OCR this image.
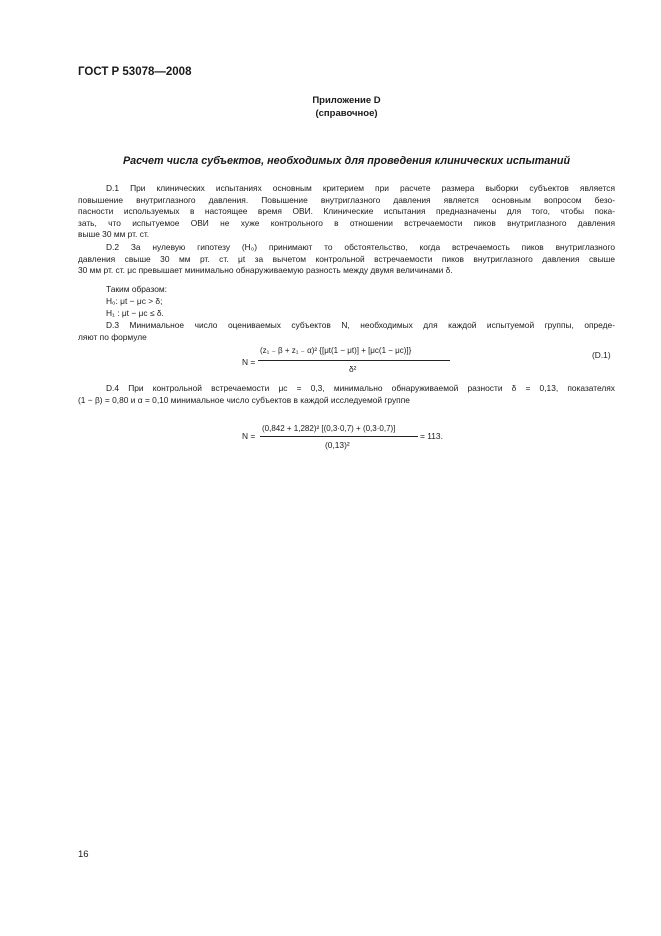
ГОСТ Р 53078—2008
Приложение D
(справочное)
Расчет числа субъектов, необходимых для проведения клинических испытаний
D.1 При клинических испытаниях основным критерием при расчете размера выборки субъектов является
повышение внутриглазного давления. Повышение внутриглазного давления является основным вопросом безо-
пасности используемых в настоящее время ОВИ. Клинические испытания предназначены для того, чтобы пока-
зать, что испытуемое ОВИ не хуже контрольного в отношении встречаемости пиков внутриглазного давления
выше 30 мм рт. ст.
D.2 За нулевую гипотезу (H₀) принимают то обстоятельство, когда встречаемость пиков внутриглазного
давления свыше 30 мм рт. ст. μt за вычетом контрольной встречаемости пиков внутриглазного давления свыше
30 мм рт. ст. μc превышает минимально обнаруживаемую разность между двумя величинами δ.
Таким образом:
H₀: μt − μc > δ;
H₁ : μt − μc ≤ δ.
D.3 Минимальное число оцениваемых субъектов N, необходимых для каждой испытуемой группы, опреде-
ляют по формуле
N =
(z₁ ₋ β + z₁ ₋ α)² {[μt(1 − μt)] + [μc(1 − μc)]}
δ²
(D.1)
D.4 При контрольной встречаемости μc = 0,3, минимально обнаруживаемой разности δ = 0,13, показателях
(1 − β) = 0,80 и α = 0,10 минимальное число субъектов в каждой исследуемой группе
N =
(0,842 + 1,282)² [(0,3·0,7) + (0,3·0,7)]
(0,13)²
= 113.
16
